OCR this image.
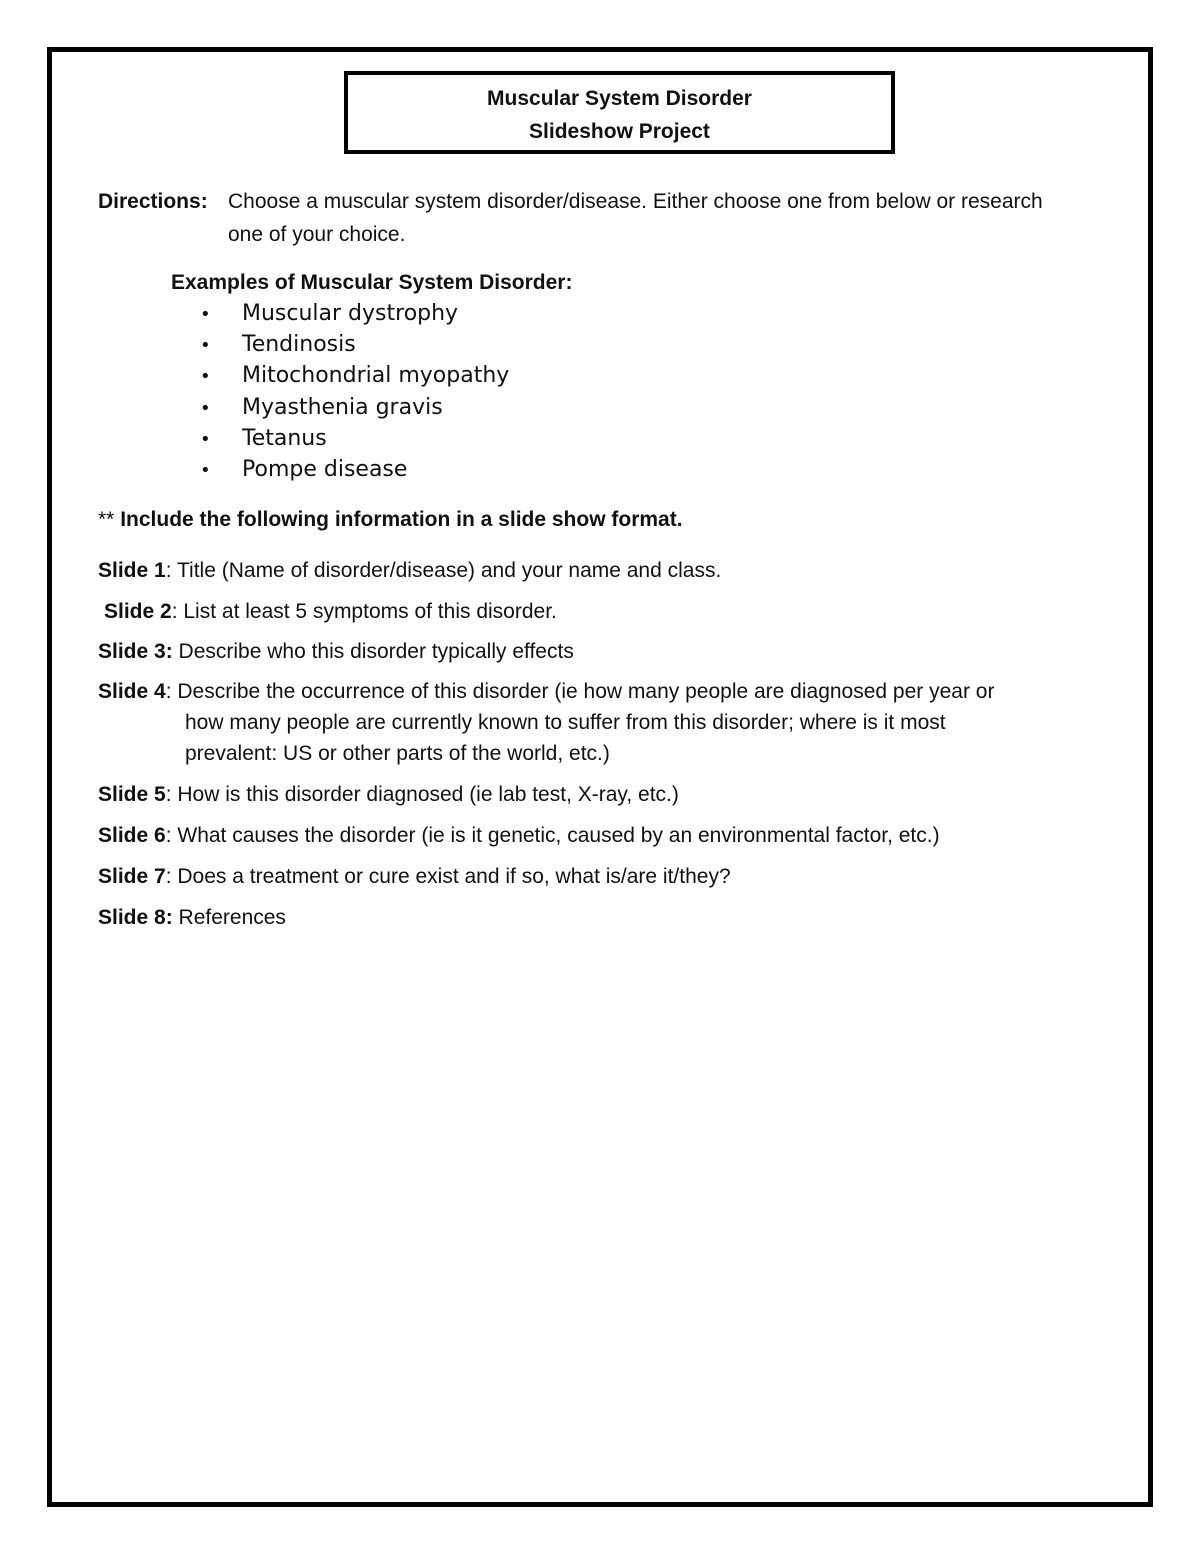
Muscular System Disorder
Slideshow Project
Directions: Choose a muscular system disorder/disease. Either choose one from below or research
one of your choice.
Examples of Muscular System Disorder:
• Muscular dystrophy
• Tendinosis
• Mitochondrial myopathy
• Myasthenia gravis
• Tetanus
• Pompe disease
** Include the following information in a slide show format.
Slide 1: Title (Name of disorder/disease) and your name and class.
Slide 2: List at least 5 symptoms of this disorder.
Slide 3: Describe who this disorder typically effects
Slide 4: Describe the occurrence of this disorder (ie how many people are diagnosed per year or
how many people are currently known to suffer from this disorder; where is it most
prevalent: US or other parts of the world, etc.)
Slide 5: How is this disorder diagnosed (ie lab test, X-ray, etc.)
Slide 6: What causes the disorder (ie is it genetic, caused by an environmental factor, etc.)
Slide 7: Does a treatment or cure exist and if so, what is/are it/they?
Slide 8: References
